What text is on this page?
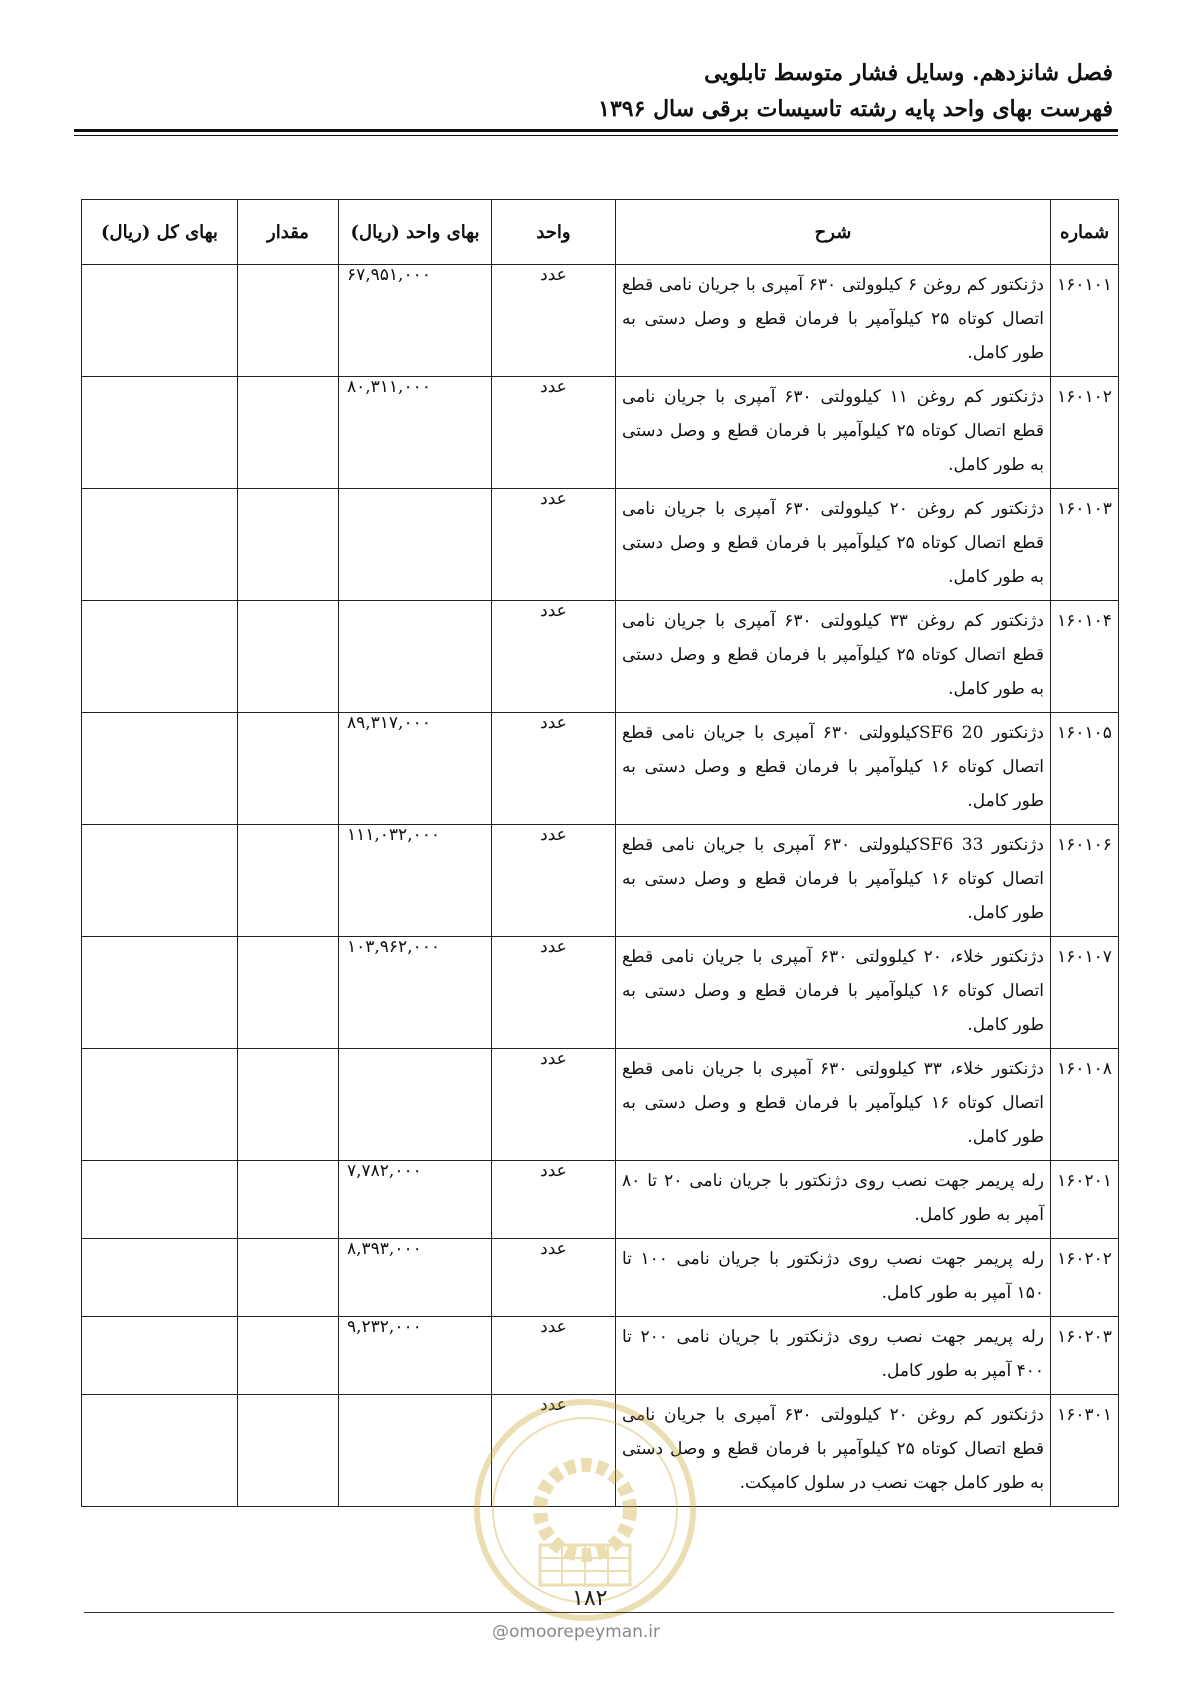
فصل شانزدهم. وسایل فشار متوسط تابلویی
فهرست بهای واحد پایه رشته تاسیسات برقی سال ۱۳۹۶
شماره	شرح	واحد	بهای واحد (ریال)	مقدار	بهای کل (ریال)
۱۶۰۱۰۱	دژنکتور کم روغن ۶ کیلوولتی ۶۳۰ آمپری با جریان نامی قطع اتصال کوتاه ۲۵ کیلوآمپر با فرمان قطع و وصل دستی به طور کامل.	عدد	۶۷,۹۵۱,۰۰۰		
۱۶۰۱۰۲	دژنکتور کم روغن ۱۱ کیلوولتی ۶۳۰ آمپری با جریان نامی قطع اتصال کوتاه ۲۵ کیلوآمپر با فرمان قطع و وصل دستی به طور کامل.	عدد	۸۰,۳۱۱,۰۰۰		
۱۶۰۱۰۳	دژنکتور کم روغن ۲۰ کیلوولتی ۶۳۰ آمپری با جریان نامی قطع اتصال کوتاه ۲۵ کیلوآمپر با فرمان قطع و وصل دستی به طور کامل.	عدد			
۱۶۰۱۰۴	دژنکتور کم روغن ۳۳ کیلوولتی ۶۳۰ آمپری با جریان نامی قطع اتصال کوتاه ۲۵ کیلوآمپر با فرمان قطع و وصل دستی به طور کامل.	عدد			
۱۶۰۱۰۵	دژنکتور SF6 20کیلوولتی ۶۳۰ آمپری با جریان نامی قطع اتصال کوتاه ۱۶ کیلوآمپر با فرمان قطع و وصل دستی به طور کامل.	عدد	۸۹,۳۱۷,۰۰۰		
۱۶۰۱۰۶	دژنکتور SF6 33کیلوولتی ۶۳۰ آمپری با جریان نامی قطع اتصال کوتاه ۱۶ کیلوآمپر با فرمان قطع و وصل دستی به طور کامل.	عدد	۱۱۱,۰۳۲,۰۰۰		
۱۶۰۱۰۷	دژنکتور خلاء، ۲۰ کیلوولتی ۶۳۰ آمپری با جریان نامی قطع اتصال کوتاه ۱۶ کیلوآمپر با فرمان قطع و وصل دستی به طور کامل.	عدد	۱۰۳,۹۶۲,۰۰۰		
۱۶۰۱۰۸	دژنکتور خلاء، ۳۳ کیلوولتی ۶۳۰ آمپری با جریان نامی قطع اتصال کوتاه ۱۶ کیلوآمپر با فرمان قطع و وصل دستی به طور کامل.	عدد			
۱۶۰۲۰۱	رله پریمر جهت نصب روی دژنکتور با جریان نامی ۲۰ تا ۸۰ آمپر به طور کامل.	عدد	۷,۷۸۲,۰۰۰		
۱۶۰۲۰۲	رله پریمر جهت نصب روی دژنکتور با جریان نامی ۱۰۰ تا ۱۵۰ آمپر به طور کامل.	عدد	۸,۳۹۳,۰۰۰		
۱۶۰۲۰۳	رله پریمر جهت نصب روی دژنکتور با جریان نامی ۲۰۰ تا ۴۰۰ آمپر به طور کامل.	عدد	۹,۲۳۲,۰۰۰		
۱۶۰۳۰۱	دژنکتور کم روغن ۲۰ کیلوولتی ۶۳۰ آمپری با جریان نامی قطع اتصال کوتاه ۲۵ کیلوآمپر با فرمان قطع و وصل دستی به طور کامل جهت نصب در سلول کامپکت.	عدد			
۱۸۲
@omoorepeyman.ir
